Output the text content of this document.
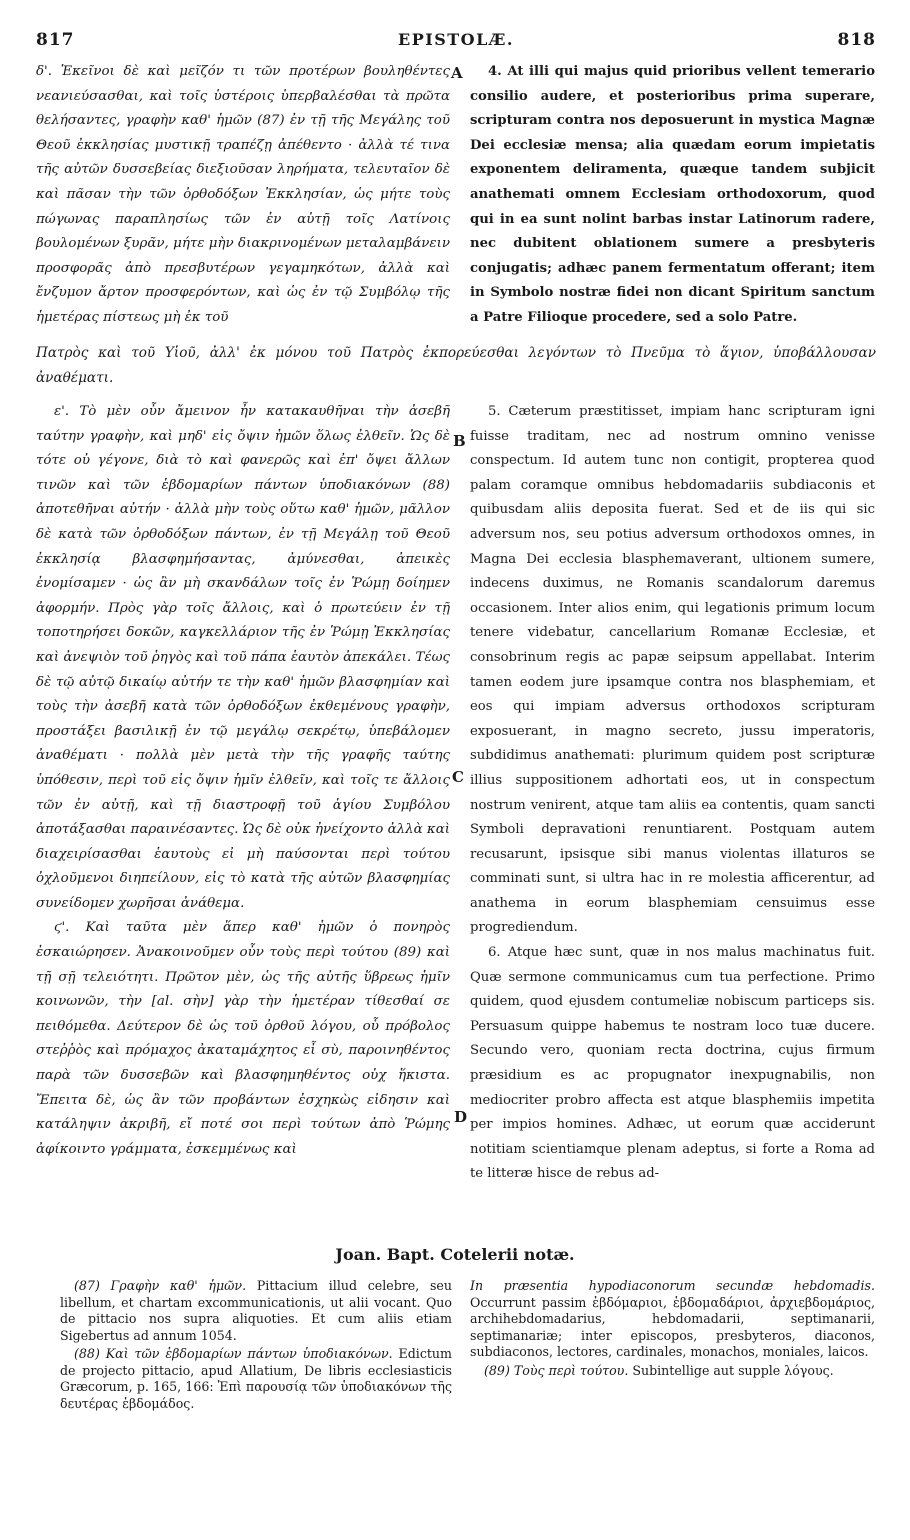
817	EPISTOLÆ.	818

δ'. Ἐκεῖνοι δὲ καὶ μεῖζόν τι τῶν προτέρων βουληθέντες νεανιεύσασθαι, καὶ τοῖς ὑστέροις ὑπερβαλέσθαι τὰ πρῶτα θελήσαντες, γραφὴν καθ' ἡμῶν (87) ἐν τῇ τῆς Μεγάλης τοῦ Θεοῦ ἐκκλησίας μυστικῇ τραπέζῃ ἀπέθεντο · ἀλλὰ τέ τινα τῆς αὐτῶν δυσσεβείας διεξιοῦσαν ληρήματα, τελευταῖον δὲ καὶ πᾶσαν τὴν τῶν ὀρθοδόξων Ἐκκλησίαν, ὡς μήτε τοὺς πώγωνας παραπλησίως τῶν ἐν αὐτῇ τοῖς Λατίνοις βουλομένων ξυρᾶν, μήτε μὴν διακρινομένων μεταλαμβάνειν προσφορᾶς ἀπὸ πρεσβυτέρων γεγαμηκότων, ἀλλὰ καὶ ἔνζυμον ἄρτον προσφερόντων, καὶ ὡς ἐν τῷ Συμβόλῳ τῆς ἡμετέρας πίστεως μὴ ἐκ τοῦ

4. At illi qui majus quid prioribus vellent temerario consilio audere, et posterioribus prima superare, scripturam contra nos deposuerunt in mystica Magnæ Dei ecclesiæ mensa; alia quædam eorum impietatis exponentem deliramenta, quæque tandem subjicit anathemati omnem Ecclesiam orthodoxorum, quod qui in ea sunt nolint barbas instar Latinorum radere, nec dubitent oblationem sumere a presbyteris conjugatis; adhæc panem fermentatum offerant; item in Symbolo nostræ fidei non dicant Spiritum sanctum a Patre Filioque procedere, sed a solo Patre.

A
Πατρὸς καὶ τοῦ Υἱοῦ, ἀλλ' ἐκ μόνου τοῦ Πατρὸς ἐκπορεύεσθαι λεγόντων τὸ Πνεῦμα τὸ ἅγιον, ὑποβάλλουσαν ἀναθέματι.

ε'. Τὸ μὲν οὖν ἄμεινον ἦν κατακαυθῆναι τὴν ἀσεβῆ ταύτην γραφὴν, καὶ μηδ' εἰς ὄψιν ἡμῶν ὅλως ἐλθεῖν. Ὡς δὲ τότε οὐ γέγονε, διὰ τὸ καὶ φανερῶς καὶ ἐπ' ὄψει ἄλλων τινῶν καὶ τῶν ἑβδομαρίων πάντων ὑποδιακόνων (88) ἀποτεθῆναι αὐτήν · ἀλλὰ μὴν τοὺς οὕτω καθ' ἡμῶν, μᾶλλον δὲ κατὰ τῶν ὀρθοδόξων πάντων, ἐν τῇ Μεγάλῃ τοῦ Θεοῦ ἐκκλησίᾳ βλασφημήσαντας, ἀμύνεσθαι, ἀπεικὲς ἐνομίσαμεν · ὡς ἂν μὴ σκανδάλων τοῖς ἐν Ῥώμῃ δοίημεν ἀφορμήν. Πρὸς γὰρ τοῖς ἄλλοις, καὶ ὁ πρωτεύειν ἐν τῇ τοποτηρήσει δοκῶν, καγκελλάριον τῆς ἐν Ῥώμῃ Ἐκκλησίας καὶ ἀνεψιὸν τοῦ ῥηγὸς καὶ τοῦ πάπα ἑαυτὸν ἀπεκάλει. Τέως δὲ τῷ αὐτῷ δικαίῳ αὐτήν τε τὴν καθ' ἡμῶν βλασφημίαν καὶ τοὺς τὴν ἀσεβῆ κατὰ τῶν ὀρθοδόξων ἐκθεμένους γραφὴν, προστάξει βασιλικῇ ἐν τῷ μεγάλῳ σεκρέτῳ, ὑπεβάλομεν ἀναθέματι · πολλὰ μὲν μετὰ τὴν τῆς γραφῆς ταύτης ὑπόθεσιν, περὶ τοῦ εἰς ὄψιν ἡμῖν ἐλθεῖν, καὶ τοῖς τε ἄλλοις τῶν ἐν αὐτῇ, καὶ τῇ διαστροφῇ τοῦ ἁγίου Συμβόλου ἀποτάξασθαι παραινέσαντες. Ὡς δὲ οὐκ ἠνείχοντο ἀλλὰ καὶ διαχειρίσασθαι ἑαυτοὺς εἰ μὴ παύσονται περὶ τούτου ὀχλοῦμενοι διηπείλουν, εἰς τὸ κατὰ τῆς αὐτῶν βλασφημίας συνείδομεν χωρῆσαι ἀνάθεμα.

ϛ'. Καὶ ταῦτα μὲν ἅπερ καθ' ἡμῶν ὁ πονηρὸς ἐσκαιώρησεν. Ἀνακοινοῦμεν οὖν τοὺς περὶ τούτου (89) καὶ τῇ σῇ τελειότητι. Πρῶτον μὲν, ὡς τῆς αὐτῆς ὕβρεως ἡμῖν κοινωνῶν, τὴν [al. σὴν] γὰρ τὴν ἡμετέραν τίθεσθαί σε πειθόμεθα. Δεύτερον δὲ ὡς τοῦ ὀρθοῦ λόγου, οὗ πρόβολος στεῤῥὸς καὶ πρόμαχος ἀκαταμάχητος εἶ σὺ, παροινηθέντος παρὰ τῶν δυσσεβῶν καὶ βλασφημηθέντος οὐχ ἥκιστα. Ἔπειτα δὲ, ὡς ἂν τῶν προβάντων ἐσχηκὼς εἰδησιν καὶ κατάληψιν ἀκριβῆ, εἴ ποτέ σοι περὶ τούτων ἀπὸ Ῥώμης ἀφίκοιντο γράμματα, ἐσκεμμένως καὶ

5. Cæterum præstitisset, impiam hanc scripturam igni fuisse traditam, nec ad nostrum omnino venisse conspectum. Id autem tunc non contigit, propterea quod palam coramque omnibus hebdomadariis subdiaconis et quibusdam aliis deposita fuerat. Sed et de iis qui sic adversum nos, seu potius adversum orthodoxos omnes, in Magna Dei ecclesia blasphemaverant, ultionem sumere, indecens duximus, ne Romanis scandalorum daremus occasionem. Inter alios enim, qui legationis primum locum tenere videbatur, cancellarium Romanæ Ecclesiæ, et consobrinum regis ac papæ seipsum appellabat. Interim tamen eodem jure ipsamque contra nos blasphemiam, et eos qui impiam adversus orthodoxos scripturam exposuerant, in magno secreto, jussu imperatoris, subdidimus anathemati: plurimum quidem post scripturæ illius suppositionem adhortati eos, ut in conspectum nostrum venirent, atque tam aliis ea contentis, quam sancti Symboli depravationi renuntiarent. Postquam autem recusarunt, ipsisque sibi manus violentas illaturos se comminati sunt, si ultra hac in re molestia afficerentur, ad anathema in eorum blasphemiam censuimus esse progrediendum.

6. Atque hæc sunt, quæ in nos malus machinatus fuit. Quæ sermone communicamus cum tua perfectione. Primo quidem, quod ejusdem contumeliæ nobiscum particeps sis. Persuasum quippe habemus te nostram loco tuæ ducere. Secundo vero, quoniam recta doctrina, cujus firmum præsidium es ac propugnator inexpugnabilis, non mediocriter probro affecta est atque blasphemiis impetita per impios homines. Adhæc, ut eorum quæ acciderunt notitiam scientiamque plenam adeptus, si forte a Roma ad te litteræ hisce de rebus ad-

B
C
D
Joan. Bapt. Cotelerii notæ.

(87) Γραφὴν καθ' ἡμῶν. Pittacium illud celebre, seu libellum, et chartam excommunicationis, ut alii vocant. Quo de pittacio nos supra aliquoties. Et cum aliis etiam Sigebertus ad annum 1054.

(88) Καὶ τῶν ἑβδομαρίων πάντων ὑποδιακόνων. Edictum de projecto pittacio, apud Allatium, De libris ecclesiasticis Græcorum, p. 165, 166: Ἐπὶ παρουσίᾳ τῶν ὑποδιακόνων τῆς δευτέρας ἑβδομάδος.

In præsentia hypodiaconorum secundæ hebdomadis. Occurrunt passim ἑβδόμαριοι, ἑβδομαδάριοι, ἀρχιεβδομάριος, archihebdomadarius, hebdomadarii, septimanarii, septimanariæ; inter episcopos, presbyteros, diaconos, subdiaconos, lectores, cardinales, monachos, moniales, laicos.

(89) Τοὺς περὶ τούτου. Subintellige aut supple λόγους.
